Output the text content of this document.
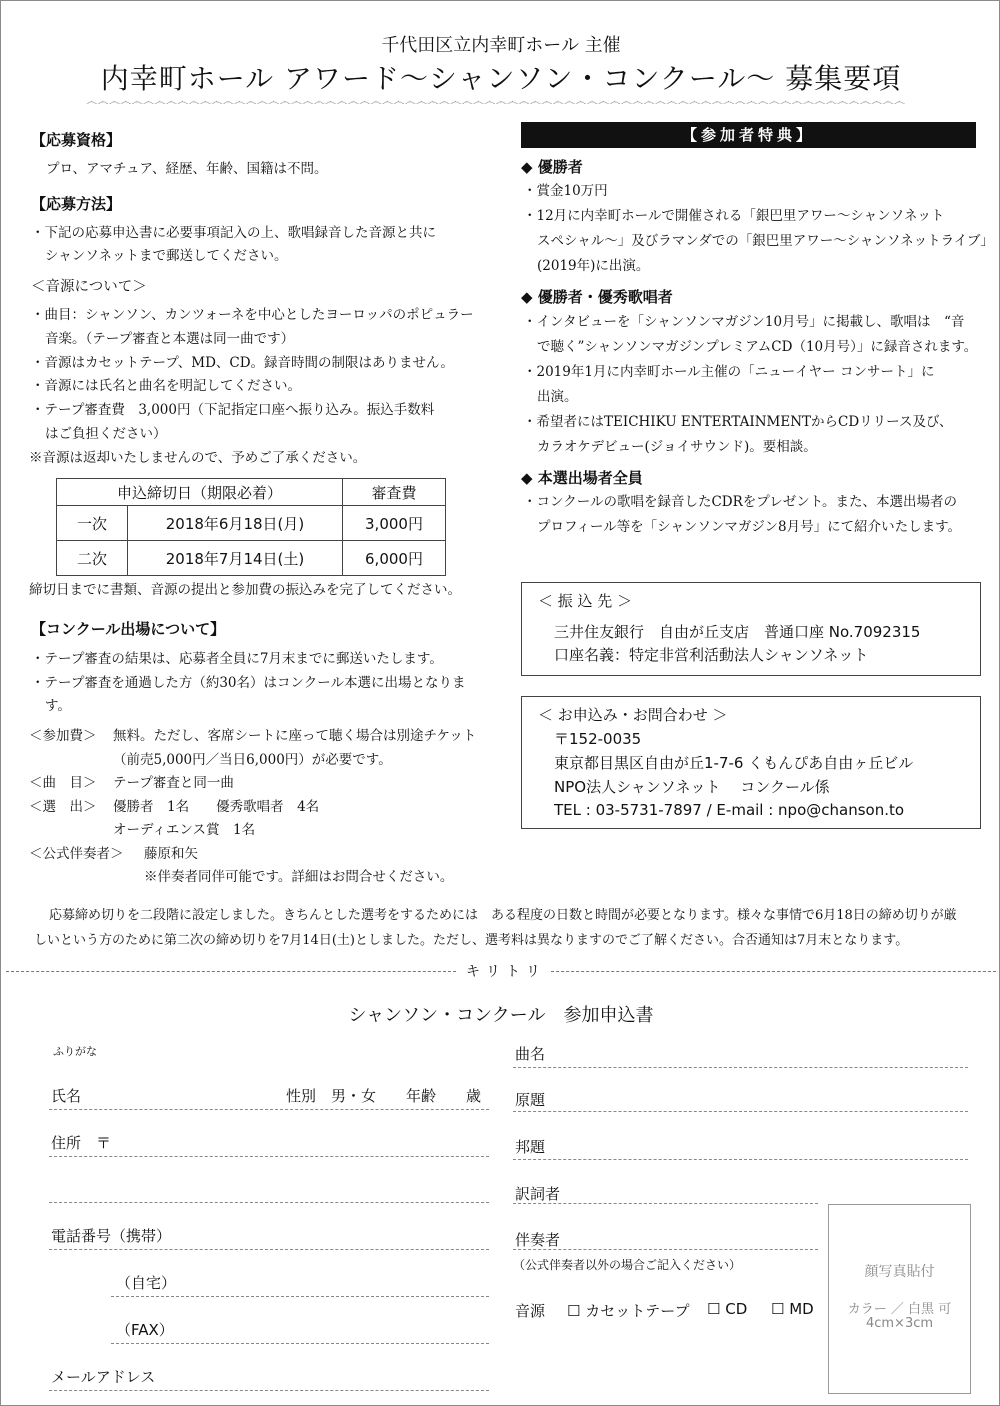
千代田区立内幸町ホール 主催
内幸町ホール アワード〜シャンソン・コンクール〜 募集要項
෴෴෴෴෴෴෴෴෴෴෴෴෴෴෴෴෴෴෴෴෴෴෴෴෴෴෴෴෴෴෴෴෴෴෴෴෴෴෴෴෴෴෴෴෴෴෴෴෴෴෴෴෴෴෴෴෴෴෴෴෴෴෴෴෴෴෴෴෴෴෴෴
【応募資格】
プロ、アマチュア、経歴、年齢、国籍は不問。
【応募方法】
・下記の応募申込書に必要事項記入の上、歌唱録音した音源と共に
シャンソネットまで郵送してください。
＜音源について＞
・曲目：シャンソン、カンツォーネを中心としたヨーロッパのポピュラー
音楽。（テープ審査と本選は同一曲です）
・音源はカセットテープ、MD、CD。録音時間の制限はありません。
・音源には氏名と曲名を明記してください。
・テープ審査費　3,000円（下記指定口座へ振り込み。振込手数料
はご負担ください）
※音源は返却いたしませんので、予めご了承ください。
申込締切日（期限必着）		審査費
一次	2018年6月18日(月)	3,000円
二次	2018年7月14日(土)	6,000円
締切日までに書類、音源の提出と参加費の振込みを完了してください。
【コンクール出場について】
・テープ審査の結果は、応募者全員に7月末までに郵送いたします。
・テープ審査を通過した方（約30名）はコンクール本選に出場となりま
す。
＜参加費＞ 無料。ただし、客席シートに座って聴く場合は別途チケット
（前売5,000円／当日6,000円）が必要です。
＜曲　目＞ テープ審査と同一曲
＜選　出＞ 優勝者　1名　　優秀歌唱者　4名
オーディエンス賞　1名
＜公式伴奏者＞ 藤原和矢
※伴奏者同伴可能です。詳細はお問合せください。
【参加者特典】
◆ 優勝者
・賞金10万円
・12月に内幸町ホールで開催される「銀巴里アワー〜シャンソネット
スペシャル〜」及びラマンダでの「銀巴里アワー〜シャンソネットライブ」
(2019年)に出演。
◆ 優勝者・優秀歌唱者
・インタビューを「シャンソンマガジン10月号」に掲載し、歌唱は　“音
で聴く”シャンソンマガジンプレミアムCD（10月号）」に録音されます。
・2019年1月に内幸町ホール主催の「ニューイヤー コンサート」に
出演。
・希望者にはTEICHIKU ENTERTAINMENTからCDリリース及び、
カラオケデビュー(ジョイサウンド)。要相談。
◆ 本選出場者全員
・コンクールの歌唱を録音したCDRをプレゼント。また、本選出場者の
プロフィール等を「シャンソンマガジン8月号」にて紹介いたします。
＜ 振 込 先 ＞
三井住友銀行　自由が丘支店　普通口座 No.7092315
口座名義：特定非営利活動法人シャンソネット
＜ お申込み・お問合わせ ＞
〒152-0035
東京都目黒区自由が丘1-7-6 くもんぴあ自由ヶ丘ビル
NPO法人シャンソネット　 コンクール係
TEL : 03-5731-7897 / E-mail : npo@chanson.to
応募締め切りを二段階に設定しました。きちんとした選考をするためには　ある程度の日数と時間が必要となります。様々な事情で6月18日の締め切りが厳
しいという方のために第二次の締め切りを7月14日(土)としました。ただし、選考料は異なりますのでご了解ください。合否通知は7月末となります。
キリトリ
シャンソン・コンクール　参加申込書
ふりがな
氏名	性別　男・女 年齢　　歳
住所　〒
電話番号（携帯）
（自宅）
（FAX）
メールアドレス
曲名
原題
邦題
訳詞者
伴奏者
（公式伴奏者以外の場合ご記入ください）
音源 ☐ カセットテープ ☐ CD ☐ MD
顔写真貼付
カラー ／ 白黒 可
4cm×3cm
